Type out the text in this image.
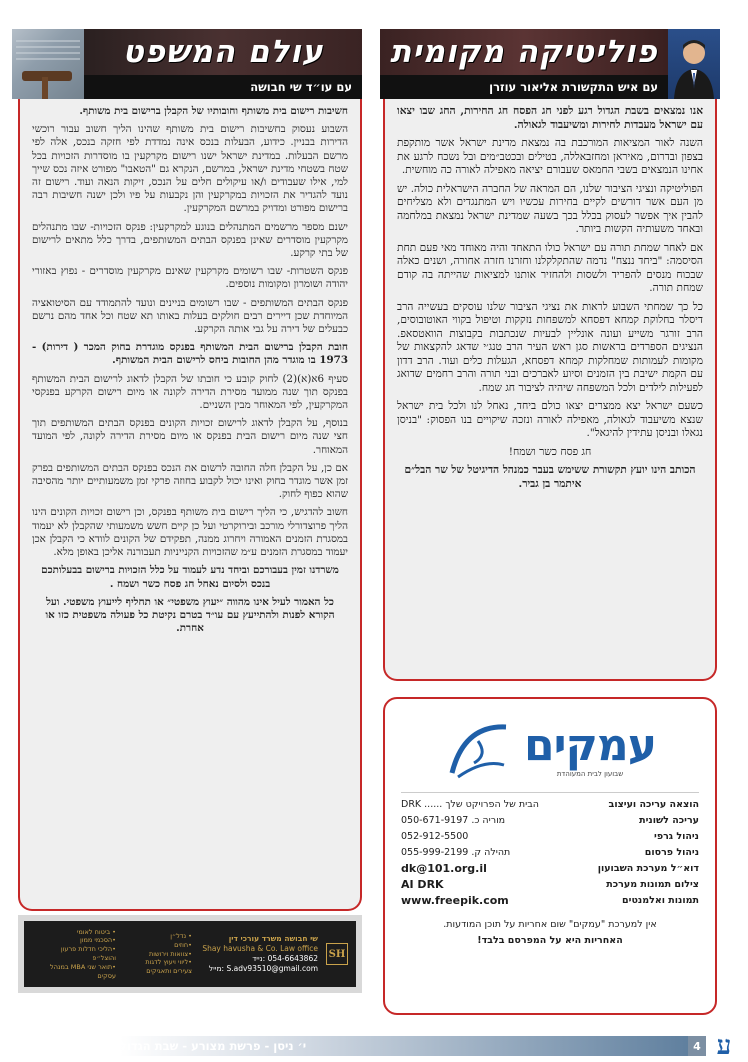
פוליטיקה מקומית
עם איש התקשורת אליאור עוזרן
עולם המשפט
עם עו״ד שי חבושה

אנו נמצאים בשבת הגדול רגע לפני חג הפסח חג החירות, החג שבו יצאו עם ישראל מעבדות לחירות ומשיעבוד לגאולה.

השנה לאור המציאות המורכבת בה נמצאת מדינת ישראל אשר מותקפת בצפון ובדרום, מאיראן ומחזבאללה, בטילים ובכטב״מים ובל נשכח לרגע את אחינו הנמצאים בשבי החמאס שעבורם יציאה מאפילה לאורה כה מוחשית.

הפוליטיקה ונציגי הציבור שלנו, הם המראה של החברה הישראלית כולה. יש מן העם אשר דורשים לקיים בחירות עכשיו ויש המתנגדים ולא מצליחים להבין איך אפשר לעסוק בכלל בכך בשעה שמדינת ישראל נמצאת במלחמה ובאחד משעותיה הקשות ביותר.

אם לאחר שמחת תורה עם ישראל כולו התאחד והיה מאוחד מאי פעם תחת הסיסמה: "ביחד ננצח" נדמה שהתקלקלנו וחזרנו חזרה אחורה, ושנים כאלה שבכוח מנסים להפריד ולשסות ולהחזיר אותנו למציאות שהייתה בה קודם שמחת תורה.

כל כך שמחתי השבוע לראות את נציגי הציבור שלנו עוסקים בעשייה הרב דיסלר בחלוקת קמחא דפסחא למשפחות נזקקות וטיפול בקווי האוטובוסים, הרב זורגר משייע ועונה אונליין לבעיות שנכתבות בקבוצות הוואטסאפ. הנציגים הספרדים בראשות סגן ראש העיר הרב טנג׳י שדאג להקצאות של מקומות לעמותות שמחלקות קמחא דפסחא, הגעלות כלים ועוד. הרב דדון עם הקמת ישיבת בין הזמנים וסיוע לאברכים ובני תורה והרב רחמים שדואג לפעילות לילדים ולכל המשפחה שיהיה לציבור חג שמח.

כשעם ישראל יצא ממצרים יצאו כולם ביחד, נאחל לנו ולכל בית ישראל שנצא משיעבוד לגאולה, מאפילה לאורה ונזכה שיקויים בנו הפסוק: "בניסן נגאלו ובניסן עתידין להיגאל".

חג פסח כשר ושמח!

הכותב הינו יועץ תקשורת ששימש בעבר כמנהל הדיגיטל של שר הבל״ם איתמר בן גביר.

חשיבות רישום בית משותף וחובותיו של הקבלן ברישום בית משותף.

השבוע נעסוק בחשיבות רישום בית משותף שהינו הליך חשוב עבור רוכשי הדירות בבניין. כידוע, הבעלות בנכס אינה נמדדת לפי חזקה בנכס, אלה לפי מרשם הבעלות. במדינת ישראל ישנו רישום מקרקעין בו מוסדרות הזכויות בכל שטח בשטחי מדינת ישראל, במרשם, הנקרא גם "הטאבו" מפורט איזה נכס שייך למי, אילו שעבודים ו/או עיקולים חלים על הנכס, זיקות הנאה ועוד. רישום זה נועד להגדיר את הזכויות במקרקעין והן נקבעות על פיו ולכן ישנה חשיבות רבה ברישום מפורט ומדויק במרשם המקרקעין.

ישנם מספר מרשמים המתנהלים בנוגע למקרקעין: פנקס הזכויות- שבו מתנהלים מקרקעין מוסדרים שאינן בפנקס הבתים המשותפים, בדרך כלל מתאים לרישום של בתי קרקע.

פנקס השטרות- שבו רשומים מקרקעין שאינם מקרקעין מוסדרים - נפוץ באזורי יהודה ושומרון ומקומות נוספים.

פנקס הבתים המשותפים - שבו רשומים בניינים ונועד להתמודד עם הסיטואציה המיוחדת שכן דיירים רבים חולקים בעלות באותו תא שטח וכל אחד מהם נרשם כבעלים של דירה על גבי אותה הקרקע.

חובת הקבלן ברישום הבית המשותף בפנקס מוגדרת בחוק המכר ( דירות) - 1973 בו מוגדר מהן החובות ביחס לרישום הבית המשותף.

סעיף 6א(א)(2) לחוק קובע כי חובתו של הקבלן לדאוג לרישום הבית המשותף בפנקס תוך שנה ממועד מסירת הדירה לקונה או מיום רישום הקרקע בפנקסי המקרקעין, לפי המאוחר מבין השניים.

בנוסף, על הקבלן לדאוג לרישום זכויות הקונים בפנקס הבתים המשותפים תוך חצי שנה מיום רישום הבית בפנקס או מיום מסירת הדירה לקונה, לפי המועד המאוחר.

אם כן, על הקבלן חלה החובה לרשום את הנכס בפנקס הבתים המשותפים בפרק זמן אשר מוגדר בחוק ואינו יכול לקבוע בחוזה פרקי זמן משמעותיים יותר מהסיבה שהוא כפוף לחוק.

חשוב להדגיש, כי הליך רישום בית משותף בפנקס, וכן רישום זכויות הקונים הינו הליך פרוצדורלי מורכב ובירוקרטי ועל כן קיים חשש משמעותי שהקבלן לא יעמוד במסגרת הזמנים האמורה ויחרוג ממנה, תפקידם של הקונים לוודא כי הקבלן אכן יעמוד במסגרת הזמנים ע״מ שהזכויות הקנייניות תעבורנה אליכן באופן מלא.

משרדנו זמין בעבורכם וביחד נדע לעמוד על כלל הזכויות ברישום בבעלותכם בנכס ולסיום נאחל חג פסח כשר ושמח .

כל האמור לעיל אינו מהווה ״יעוץ משפטי״ או תחליף לייעוץ משפטי. ועל הקורא לפנות ולהתייעץ עם עו״ד בטרם נקיטת כל פעולה משפטית כזו או אחרת.

SH
שי חבושה משרד עורכי דין
Shay havusha & Co. Law office
054-6643862 :נייד
S.adv93510@gmail.com :מייל
• נדל״ן
•חוזים
•צוואות וירושות
•ליווי ויעוץ לדגות
צעירים ותאגיקים
• ביטוח לאומי
•הסכמי ממון
•הליכי חדלות פרעון והוצל״פ
•תואר שני MBA במנהל עסקים
עמקים
שבועון לבית המעוהדת
הוצאה עריכה ועיצוב
DRK ...... הבית של הפרויקט שלך
עריכה לשונית
מוריה כ. 050-671-9197
ניהול גרפי
052-912-5500
ניהול פרסום
תהילה ק. 055-999-2199
דוא״ל מערכת השבועון
dk@101.org.il
צילום תמונות מערכת
AI DRK
תמונות ואלמנטים
www.freepik.com
אין למערכת "עמקים" שום אחריות על תוכן המודעות.
האחריות היא על המפרסם בלבד!
י׳ ניסן - פרשת מצורע - שבת הגדול	4 ע
